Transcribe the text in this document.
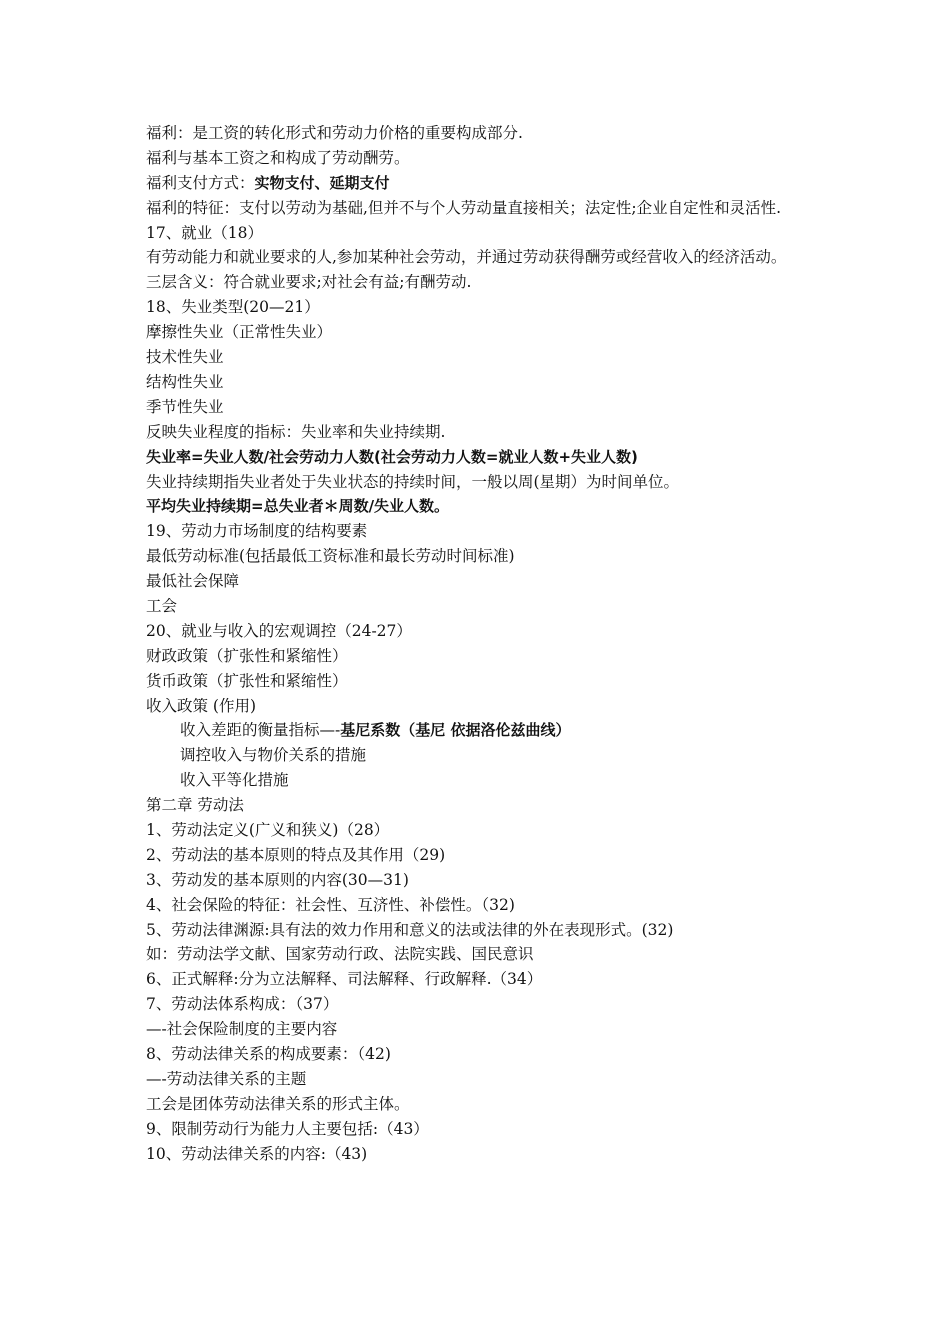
福利：是工资的转化形式和劳动力价格的重要构成部分.
福利与基本工资之和构成了劳动酬劳。
福利支付方式：实物支付、延期支付
福利的特征：支付以劳动为基础,但并不与个人劳动量直接相关；法定性;企业自定性和灵活性.
17、就业（18）
有劳动能力和就业要求的人,参加某种社会劳动，并通过劳动获得酬劳或经营收入的经济活动。
三层含义：符合就业要求;对社会有益;有酬劳动.
18、失业类型(20—21）
摩擦性失业（正常性失业）
技术性失业
结构性失业
季节性失业
反映失业程度的指标：失业率和失业持续期.
失业率=失业人数/社会劳动力人数(社会劳动力人数=就业人数+失业人数)
失业持续期指失业者处于失业状态的持续时间，一般以周(星期）为时间单位。
平均失业持续期=总失业者＊周数/失业人数。
19、劳动力市场制度的结构要素
最低劳动标准(包括最低工资标准和最长劳动时间标准)
最低社会保障
工会
20、就业与收入的宏观调控（24-27）
财政政策（扩张性和紧缩性）
货币政策（扩张性和紧缩性）
收入政策 (作用)
收入差距的衡量指标—-基尼系数（基尼 依据洛伦兹曲线）
调控收入与物价关系的措施
收入平等化措施
第二章 劳动法
1、劳动法定义(广义和狭义)（28）
2、劳动法的基本原则的特点及其作用（29)
3、劳动发的基本原则的内容(30—31)
4、社会保险的特征：社会性、互济性、补偿性。（32)
5、劳动法律渊源:具有法的效力作用和意义的法或法律的外在表现形式。(32)
如：劳动法学文献、国家劳动行政、法院实践、国民意识
6、正式解释:分为立法解释、司法解释、行政解释.（34）
7、劳动法体系构成：（37）
—-社会保险制度的主要内容
8、劳动法律关系的构成要素：（42)
—-劳动法律关系的主题
工会是团体劳动法律关系的形式主体。
9、限制劳动行为能力人主要包括:（43）
10、劳动法律关系的内容:（43)
